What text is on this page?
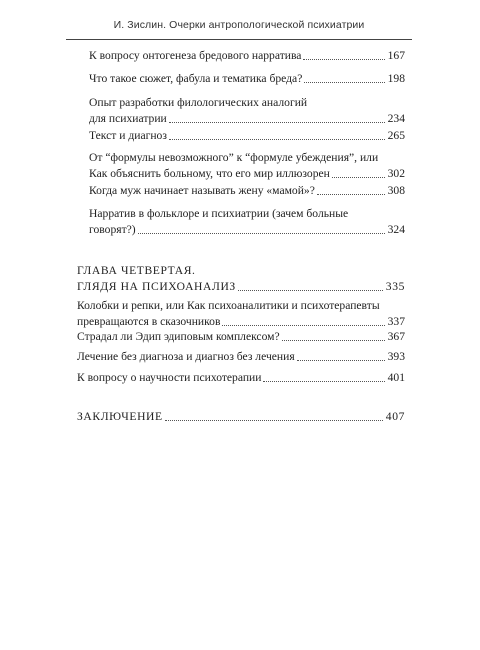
И. Зислин. Очерки антропологической психиатрии
К вопросу онтогенеза бредового нарратива	167
Что такое сюжет, фабула и тематика бреда?	198
Опыт разработки филологических аналогий
для психиатрии	234
Текст и диагноз	265
От “формулы невозможного” к “формуле убеждения”, или
Как объяснить больному, что его мир иллюзорен	302
Когда муж начинает называть жену «мамой»?	308
Нарратив в фольклоре и психиатрии (зачем больные
говорят?)	324
ГЛАВА ЧЕТВЕРТАЯ.
ГЛЯДЯ НА ПСИХОАНАЛИЗ	335
Колобки и репки, или Как психоаналитики и психотерапевты
превращаются в сказочников	337
Страдал ли Эдип эдиповым комплексом?	367
Лечение без диагноза и диагноз без лечения	393
К вопросу о научности психотерапии	401
ЗАКЛЮЧЕНИЕ	407
